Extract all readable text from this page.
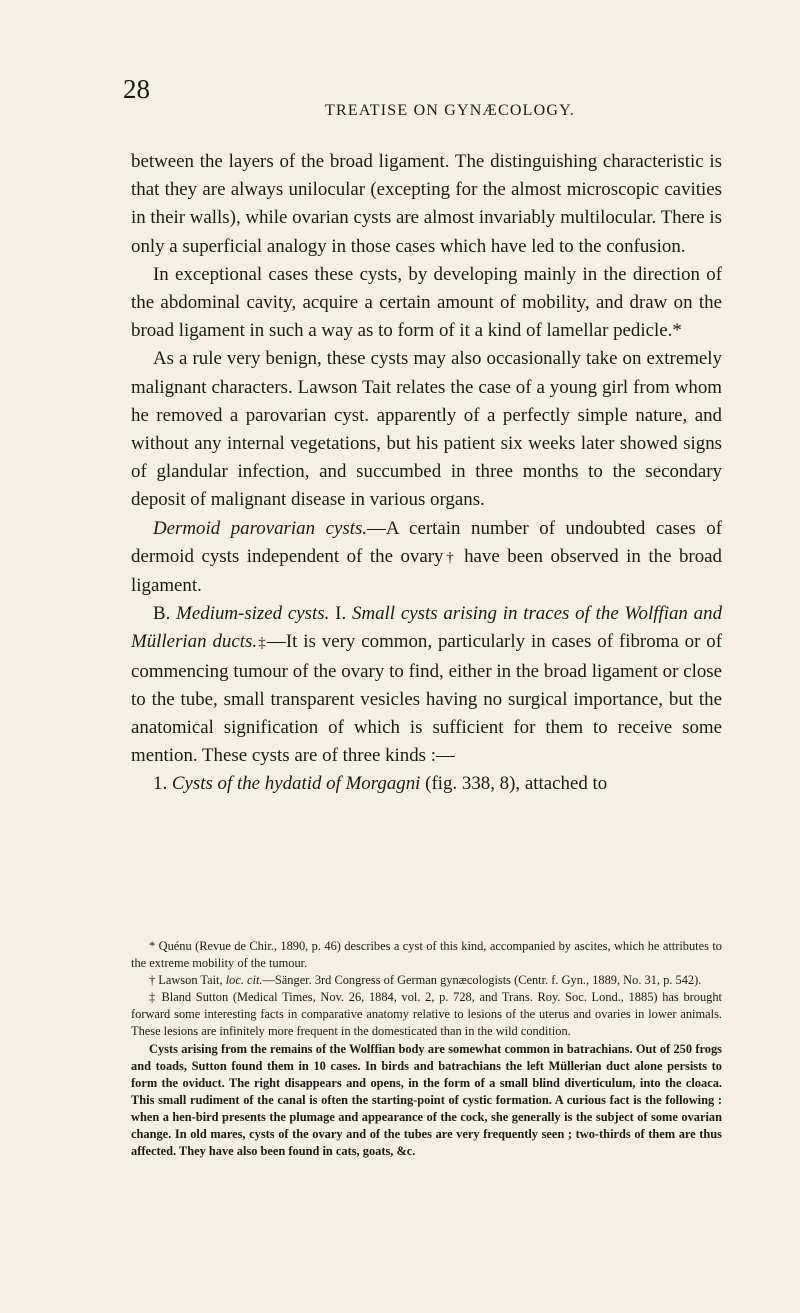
28
TREATISE ON GYNÆCOLOGY.

between the layers of the broad ligament. The distinguishing characteristic is that they are always unilocular (excepting for the almost microscopic cavities in their walls), while ovarian cysts are almost invariably multilocular. There is only a superficial analogy in those cases which have led to the confusion.

In exceptional cases these cysts, by developing mainly in the direction of the abdominal cavity, acquire a certain amount of mobility, and draw on the broad ligament in such a way as to form of it a kind of lamellar pedicle.*

As a rule very benign, these cysts may also occasionally take on extremely malignant characters. Lawson Tait relates the case of a young girl from whom he removed a parovarian cyst. apparently of a perfectly simple nature, and without any internal vegetations, but his patient six weeks later showed signs of glandular infection, and succumbed in three months to the secondary deposit of malignant disease in various organs.

Dermoid parovarian cysts.—A certain number of undoubted cases of dermoid cysts independent of the ovary† have been observed in the broad ligament.

B. Medium-sized cysts. I. Small cysts arising in traces of the Wolffian and Müllerian ducts.‡—It is very common, particularly in cases of fibroma or of commencing tumour of the ovary to find, either in the broad ligament or close to the tube, small transparent vesicles having no surgical importance, but the anatomical signification of which is sufficient for them to receive some mention. These cysts are of three kinds :—

1. Cysts of the hydatid of Morgagni (fig. 338, 8), attached to

* Quénu (Revue de Chir., 1890, p. 46) describes a cyst of this kind, accompanied by ascites, which he attributes to the extreme mobility of the tumour.

† Lawson Tait, loc. cit.—Sänger. 3rd Congress of German gynæcologists (Centr. f. Gyn., 1889, No. 31, p. 542).

‡ Bland Sutton (Medical Times, Nov. 26, 1884, vol. 2, p. 728, and Trans. Roy. Soc. Lond., 1885) has brought forward some interesting facts in comparative anatomy relative to lesions of the uterus and ovaries in lower animals. These lesions are infinitely more frequent in the domesticated than in the wild condition.

Cysts arising from the remains of the Wolffian body are somewhat common in batrachians. Out of 250 frogs and toads, Sutton found them in 10 cases. In birds and batrachians the left Müllerian duct alone persists to form the oviduct. The right disappears and opens, in the form of a small blind diverticulum, into the cloaca. This small rudiment of the canal is often the starting-point of cystic formation. A curious fact is the following : when a hen-bird presents the plumage and appearance of the cock, she generally is the subject of some ovarian change. In old mares, cysts of the ovary and of the tubes are very frequently seen ; two-thirds of them are thus affected. They have also been found in cats, goats, &c.
